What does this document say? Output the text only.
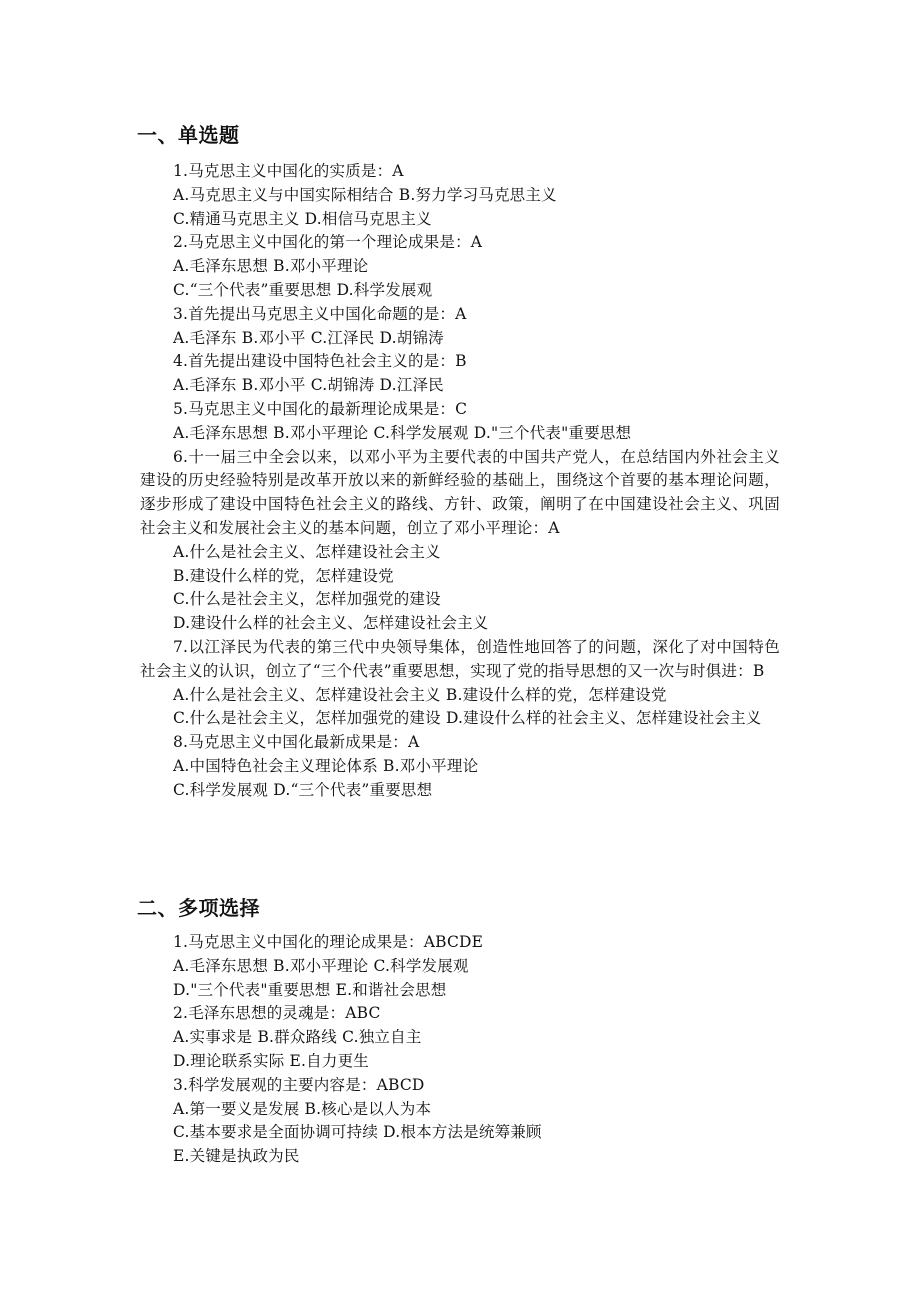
一、单选题
1.马克思主义中国化的实质是：A
A.马克思主义与中国实际相结合 B.努力学习马克思主义
C.精通马克思主义 D.相信马克思主义
2.马克思主义中国化的第一个理论成果是：A
A.毛泽东思想 B.邓小平理论
C.“三个代表”重要思想 D.科学发展观
3.首先提出马克思主义中国化命题的是：A
A.毛泽东 B.邓小平 C.江泽民 D.胡锦涛
4.首先提出建设中国特色社会主义的是：B
A.毛泽东 B.邓小平 C.胡锦涛 D.江泽民
5.马克思主义中国化的最新理论成果是：C
A.毛泽东思想 B.邓小平理论 C.科学发展观 D."三个代表"重要思想
6.十一届三中全会以来，以邓小平为主要代表的中国共产党人，在总结国内外社会主义建设的历史经验特别是改革开放以来的新鲜经验的基础上，围绕这个首要的基本理论问题，逐步形成了建设中国特色社会主义的路线、方针、政策，阐明了在中国建设社会主义、巩固社会主义和发展社会主义的基本问题，创立了邓小平理论：A
A.什么是社会主义、怎样建设社会主义
B.建设什么样的党，怎样建设党
C.什么是社会主义，怎样加强党的建设
D.建设什么样的社会主义、怎样建设社会主义
7.以江泽民为代表的第三代中央领导集体，创造性地回答了的问题，深化了对中国特色社会主义的认识，创立了“三个代表”重要思想，实现了党的指导思想的又一次与时俱进：B
A.什么是社会主义、怎样建设社会主义 B.建设什么样的党，怎样建设党
C.什么是社会主义，怎样加强党的建设 D.建设什么样的社会主义、怎样建设社会主义
8.马克思主义中国化最新成果是：A
A.中国特色社会主义理论体系 B.邓小平理论
C.科学发展观 D.“三个代表”重要思想
二、多项选择
1.马克思主义中国化的理论成果是：ABCDE
A.毛泽东思想 B.邓小平理论 C.科学发展观
D."三个代表"重要思想 E.和谐社会思想
2.毛泽东思想的灵魂是：ABC
A.实事求是 B.群众路线 C.独立自主
D.理论联系实际 E.自力更生
3.科学发展观的主要内容是：ABCD
A.第一要义是发展 B.核心是以人为本
C.基本要求是全面协调可持续 D.根本方法是统筹兼顾
E.关键是执政为民
